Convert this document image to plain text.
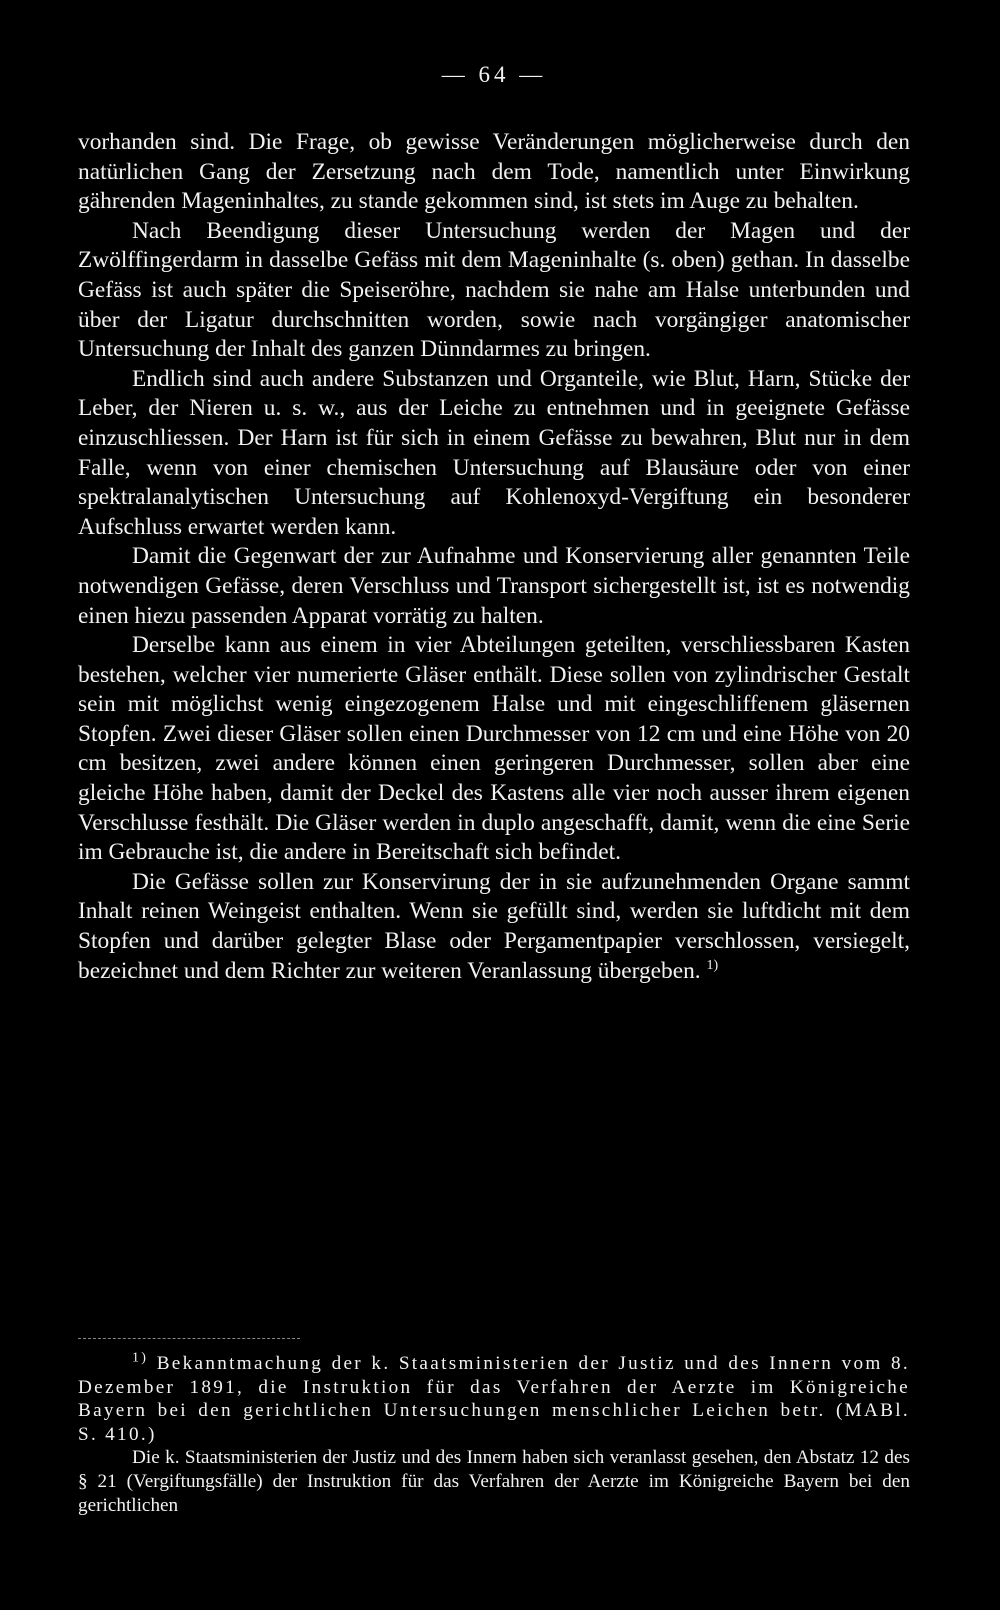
— 64 —

vorhanden sind. Die Frage, ob gewisse Veränderungen möglicherweise durch den natürlichen Gang der Zersetzung nach dem Tode, namentlich unter Einwirkung gährenden Mageninhaltes, zu stande gekommen sind, ist stets im Auge zu behalten.

Nach Beendigung dieser Untersuchung werden der Magen und der Zwölffingerdarm in dasselbe Gefäss mit dem Mageninhalte (s. oben) gethan. In dasselbe Gefäss ist auch später die Speiseröhre, nachdem sie nahe am Halse unterbunden und über der Ligatur durchschnitten worden, sowie nach vorgängiger anatomischer Untersuchung der Inhalt des ganzen Dünndarmes zu bringen.

Endlich sind auch andere Substanzen und Organteile, wie Blut, Harn, Stücke der Leber, der Nieren u. s. w., aus der Leiche zu entnehmen und in geeignete Gefässe einzuschliessen. Der Harn ist für sich in einem Gefässe zu bewahren, Blut nur in dem Falle, wenn von einer chemischen Untersuchung auf Blausäure oder von einer spektralanalytischen Untersuchung auf Kohlenoxyd-Vergiftung ein besonderer Aufschluss erwartet werden kann.

Damit die Gegenwart der zur Aufnahme und Konservierung aller genannten Teile notwendigen Gefässe, deren Verschluss und Transport sichergestellt ist, ist es notwendig einen hiezu passenden Apparat vorrätig zu halten.

Derselbe kann aus einem in vier Abteilungen geteilten, verschliessbaren Kasten bestehen, welcher vier numerierte Gläser enthält. Diese sollen von zylindrischer Gestalt sein mit möglichst wenig eingezogenem Halse und mit eingeschliffenem gläsernen Stopfen. Zwei dieser Gläser sollen einen Durchmesser von 12 cm und eine Höhe von 20 cm besitzen, zwei andere können einen geringeren Durchmesser, sollen aber eine gleiche Höhe haben, damit der Deckel des Kastens alle vier noch ausser ihrem eigenen Verschlusse festhält. Die Gläser werden in duplo angeschafft, damit, wenn die eine Serie im Gebrauche ist, die andere in Bereitschaft sich befindet.

Die Gefässe sollen zur Konservirung der in sie aufzunehmenden Organe sammt Inhalt reinen Weingeist enthalten. Wenn sie gefüllt sind, werden sie luftdicht mit dem Stopfen und darüber gelegter Blase oder Pergamentpapier verschlossen, versiegelt, bezeichnet und dem Richter zur weiteren Veranlassung übergeben. $^{1)}$

$^{1)}$ Bekanntmachung der k. Staatsministerien der Justiz und des Innern vom 8. Dezember 1891, die Instruktion für das Verfahren der Aerzte im Königreiche Bayern bei den gerichtlichen Untersuchungen menschlicher Leichen betr. (MABl. S. 410.)

Die k. Staatsministerien der Justiz und des Innern haben sich veranlasst gesehen, den Abstatz 12 des § 21 (Vergiftungsfälle) der Instruktion für das Verfahren der Aerzte im Königreiche Bayern bei den gerichtlichen
